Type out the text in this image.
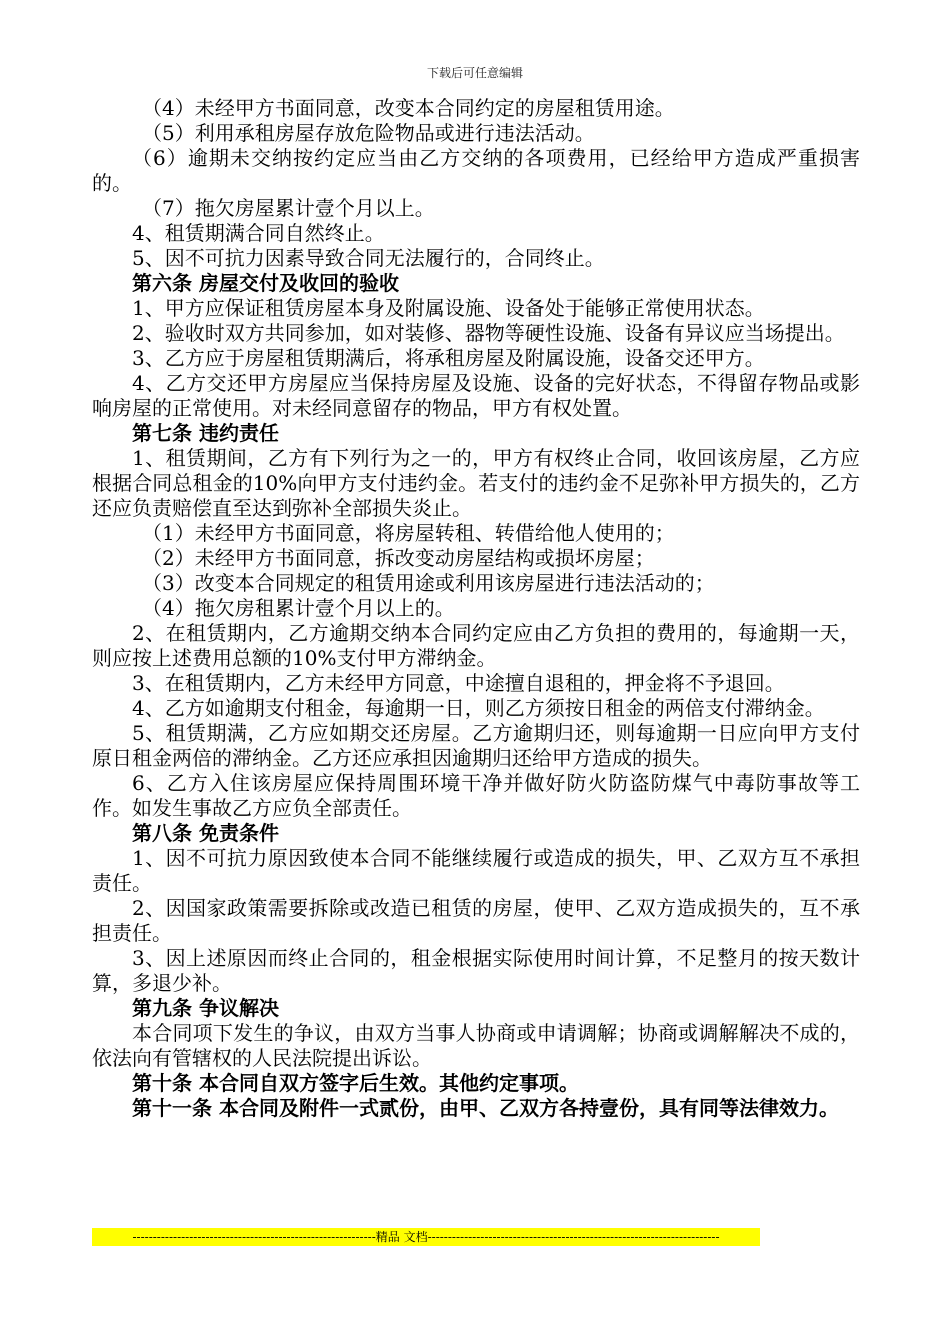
下载后可任意编辑
（4）未经甲方书面同意，改变本合同约定的房屋租赁用途。
（5）利用承租房屋存放危险物品或进行违法活动。
（6）逾期未交纳按约定应当由乙方交纳的各项费用，已经给甲方造成严重损害的。
（7）拖欠房屋累计壹个月以上。
4、租赁期满合同自然终止。
5、因不可抗力因素导致合同无法履行的，合同终止。
第六条 房屋交付及收回的验收
1、甲方应保证租赁房屋本身及附属设施、设备处于能够正常使用状态。
2、验收时双方共同参加，如对装修、器物等硬性设施、设备有异议应当场提出。
3、乙方应于房屋租赁期满后，将承租房屋及附属设施，设备交还甲方。
4、乙方交还甲方房屋应当保持房屋及设施、设备的完好状态，不得留存物品或影响房屋的正常使用。对未经同意留存的物品，甲方有权处置。
第七条 违约责任
1、租赁期间，乙方有下列行为之一的，甲方有权终止合同，收回该房屋，乙方应根据合同总租金的10%向甲方支付违约金。若支付的违约金不足弥补甲方损失的，乙方还应负责赔偿直至达到弥补全部损失炎止。
（1）未经甲方书面同意，将房屋转租、转借给他人使用的；
（2）未经甲方书面同意，拆改变动房屋结构或损坏房屋；
（3）改变本合同规定的租赁用途或利用该房屋进行违法活动的；
（4）拖欠房租累计壹个月以上的。
2、在租赁期内，乙方逾期交纳本合同约定应由乙方负担的费用的，每逾期一天，则应按上述费用总额的10%支付甲方滞纳金。
3、在租赁期内，乙方未经甲方同意，中途擅自退租的，押金将不予退回。
4、乙方如逾期支付租金，每逾期一日，则乙方须按日租金的两倍支付滞纳金。
5、租赁期满，乙方应如期交还房屋。乙方逾期归还，则每逾期一日应向甲方支付原日租金两倍的滞纳金。乙方还应承担因逾期归还给甲方造成的损失。
6、乙方入住该房屋应保持周围环境干净并做好防火防盗防煤气中毒防事故等工作。如发生事故乙方应负全部责任。
第八条 免责条件
1、因不可抗力原因致使本合同不能继续履行或造成的损失，甲、乙双方互不承担责任。
2、因国家政策需要拆除或改造已租赁的房屋，使甲、乙双方造成损失的，互不承担责任。
3、因上述原因而终止合同的，租金根据实际使用时间计算，不足整月的按天数计算，多退少补。
第九条 争议解决
本合同项下发生的争议，由双方当事人协商或申请调解；协商或调解解决不成的，依法向有管辖权的人民法院提出诉讼。
第十条 本合同自双方签字后生效。其他约定事项。
第十一条 本合同及附件一式贰份，由甲、乙双方各持壹份，具有同等法律效力。
------------------------------------------------------------精品 文档------------------------------------------------------------------------
